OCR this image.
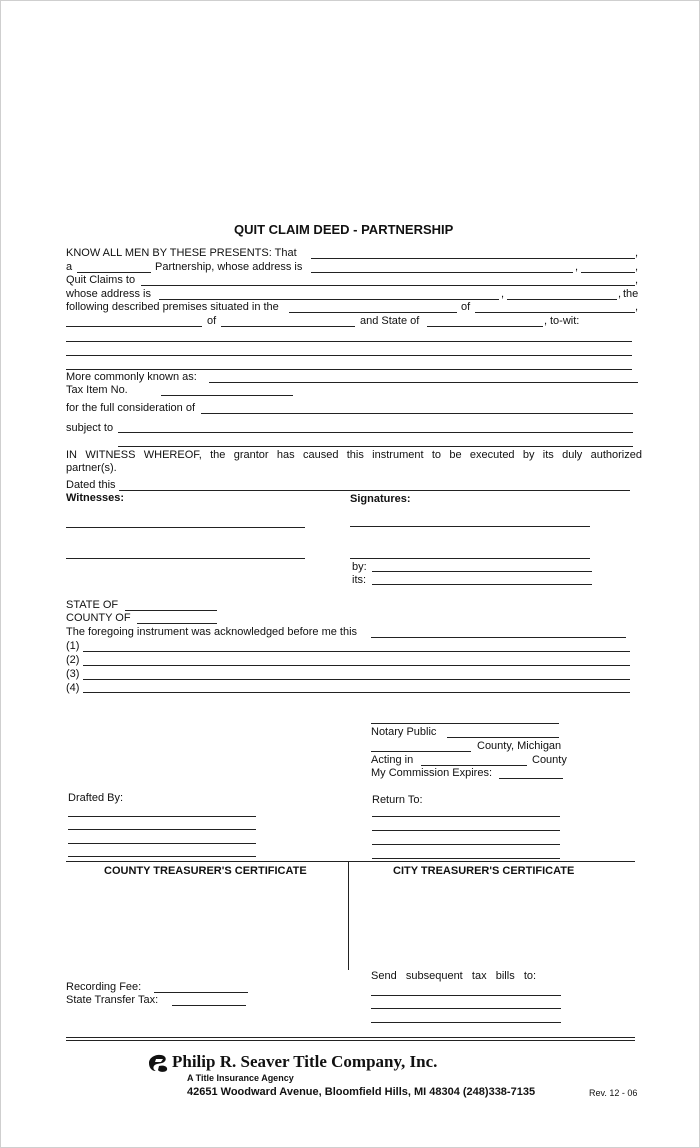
QUIT CLAIM DEED - PARTNERSHIP
KNOW ALL MEN BY THESE PRESENTS: That	,
a	Partnership, whose address is	,	,
Quit Claims to	,
whose address is	,	, the
following described premises situated in the	of	,
of	and State of	, to-wit:
More commonly known as:
Tax Item No.
for the full consideration of
subject to
IN WITNESS WHEREOF, the grantor has caused this instrument to be executed by its duly authorized
partner(s).
Dated this
Witnesses:	Signatures:
by:
its:
STATE OF
COUNTY OF
The foregoing instrument was acknowledged before me this
(1)
(2)
(3)
(4)
Notary Public
County, Michigan
Acting in	County
My Commission Expires:
Drafted By:	Return To:
COUNTY TREASURER'S CERTIFICATE	CITY TREASURER'S CERTIFICATE
Send   subsequent   tax   bills   to:
Recording Fee:
State Transfer Tax:
Philip R. Seaver Title Company, Inc.
A Title Insurance Agency
42651 Woodward Avenue, Bloomfield Hills, MI 48304 (248)338-7135	Rev. 12 - 06
